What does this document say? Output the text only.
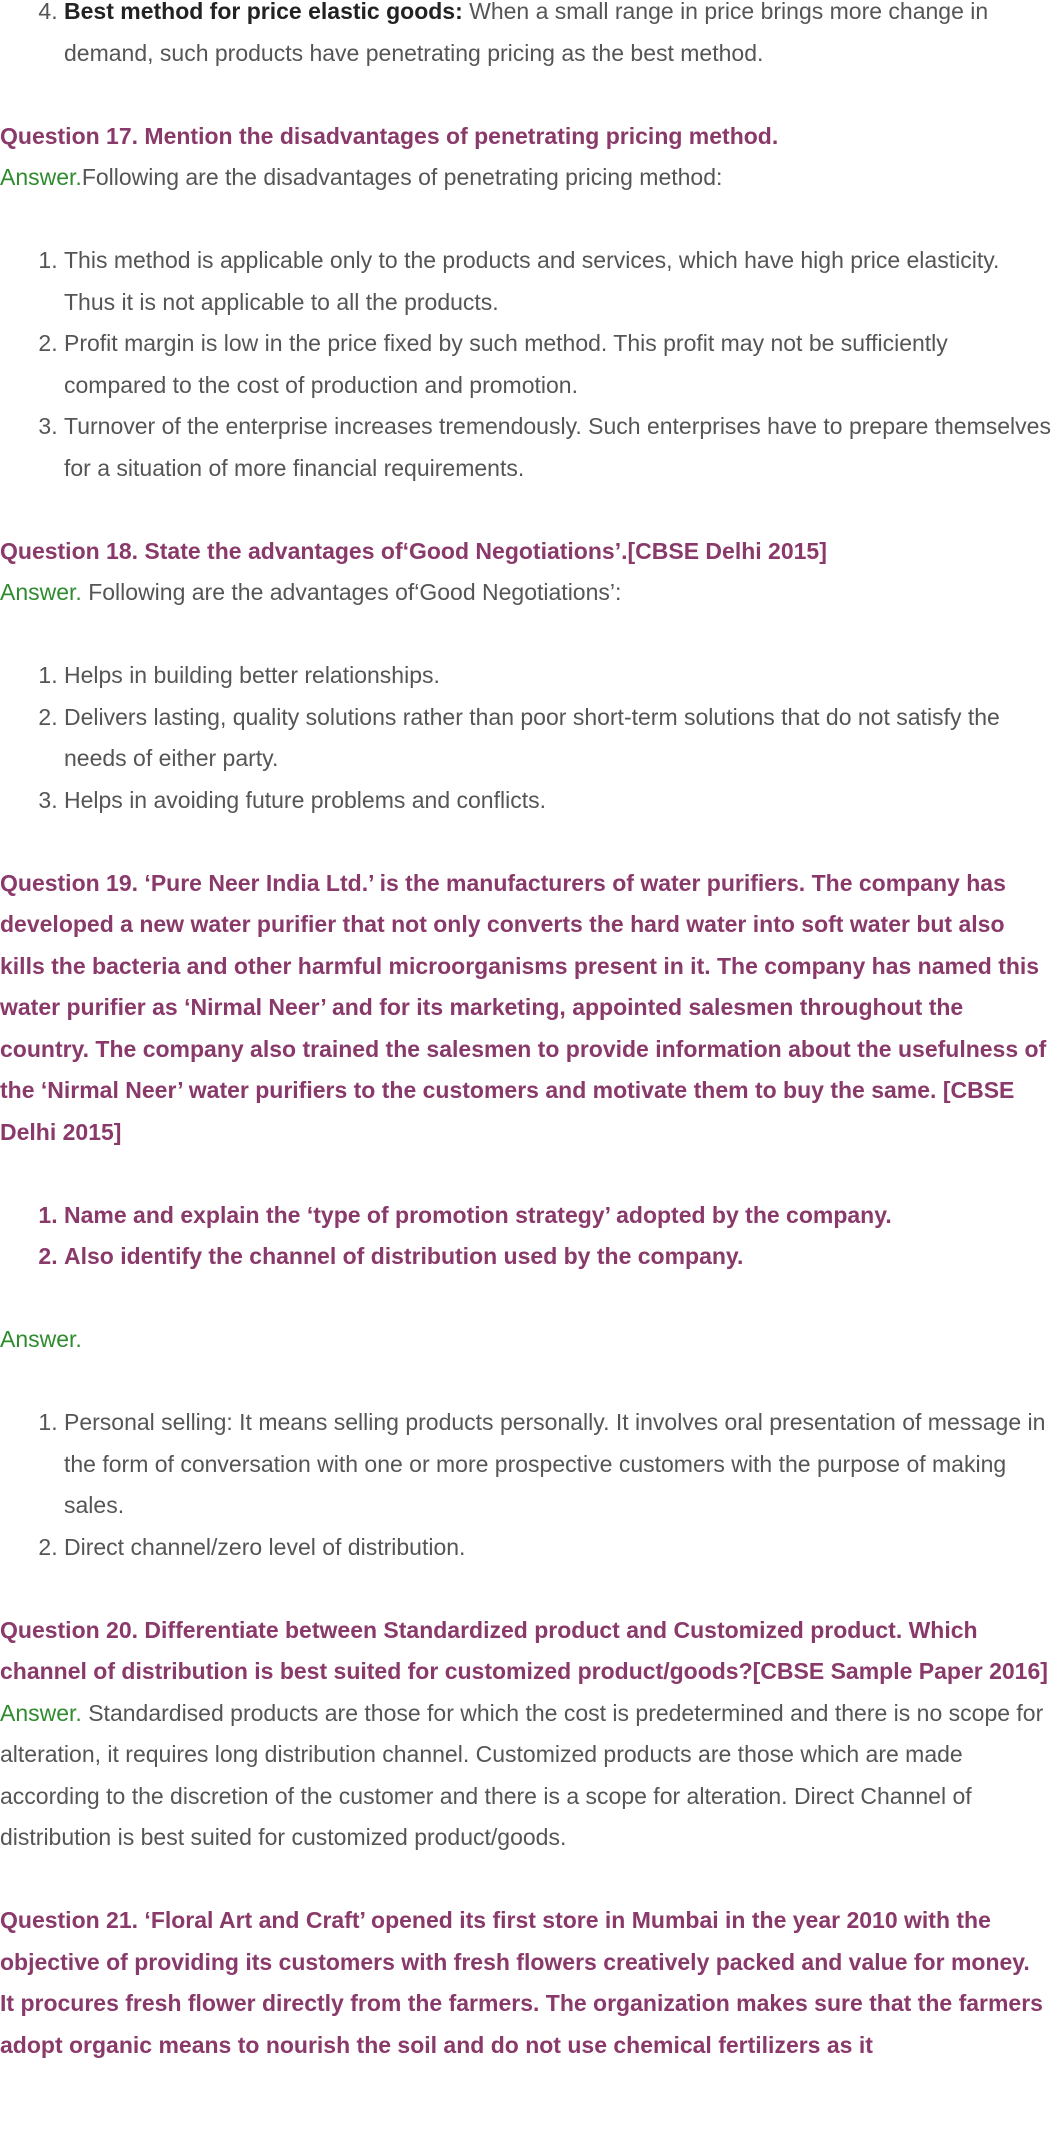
4. Best method for price elastic goods: When a small range in price brings more change in demand, such products have penetrating pricing as the best method.

Question 17. Mention the disadvantages of penetrating pricing method.

Answer.Following are the disadvantages of penetrating pricing method:

1. This method is applicable only to the products and services, which have high price elasticity. Thus it is not applicable to all the products.
2. Profit margin is low in the price fixed by such method. This profit may not be sufficiently compared to the cost of production and promotion.
3. Turnover of the enterprise increases tremendously. Such enterprises have to prepare themselves for a situation of more financial requirements.

Question 18. State the advantages of‘Good Negotiations’.[CBSE Delhi 2015]

Answer. Following are the advantages of‘Good Negotiations’:

1. Helps in building better relationships.
2. Delivers lasting, quality solutions rather than poor short-term solutions that do not satisfy the needs of either party.
3. Helps in avoiding future problems and conflicts.

Question 19. ‘Pure Neer India Ltd.’ is the manufacturers of water purifiers. The company has developed a new water purifier that not only converts the hard water into soft water but also kills the bacteria and other harmful microorganisms present in it. The company has named this water purifier as ‘Nirmal Neer’ and for its marketing, appointed salesmen throughout the country. The company also trained the salesmen to provide information about the usefulness of the ‘Nirmal Neer’ water purifiers to the customers and motivate them to buy the same. [CBSE Delhi 2015]

1. Name and explain the ‘type of promotion strategy’ adopted by the company.
2. Also identify the channel of distribution used by the company.

Answer.

1. Personal selling: It means selling products personally. It involves oral presentation of message in the form of conversation with one or more prospective customers with the purpose of making sales.
2. Direct channel/zero level of distribution.

Question 20. Differentiate between Standardized product and Customized product. Which channel of distribution is best suited for customized product/goods?[CBSE Sample Paper 2016]

Answer. Standardised products are those for which the cost is predetermined and there is no scope for alteration, it requires long distribution channel. Customized products are those which are made according to the discretion of the customer and there is a scope for alteration. Direct Channel of distribution is best suited for customized product/goods.

Question 21. ‘Floral Art and Craft’ opened its first store in Mumbai in the year 2010 with the objective of providing its customers with fresh flowers creatively packed and value for money.

It procures fresh flower directly from the farmers. The organization makes sure that the farmers adopt organic means to nourish the soil and do not use chemical fertilizers as it
